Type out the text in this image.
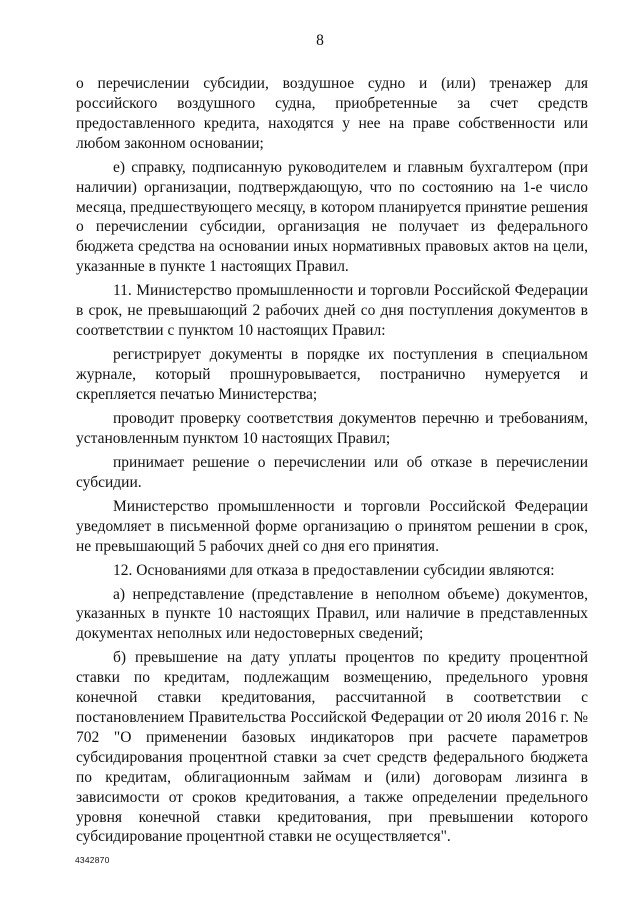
8

о перечислении субсидии, воздушное судно и (или) тренажер для российского воздушного судна, приобретенные за счет средств предоставленного кредита, находятся у нее на праве собственности или любом законном основании;

е) справку, подписанную руководителем и главным бухгалтером (при наличии) организации, подтверждающую, что по состоянию на 1-е число месяца, предшествующего месяцу, в котором планируется принятие решения о перечислении субсидии, организация не получает из федерального бюджета средства на основании иных нормативных правовых актов на цели, указанные в пункте 1 настоящих Правил.

11. Министерство промышленности и торговли Российской Федерации в срок, не превышающий 2 рабочих дней со дня поступления документов в соответствии с пунктом 10 настоящих Правил:

регистрирует документы в порядке их поступления в специальном журнале, который прошнуровывается, постранично нумеруется и скрепляется печатью Министерства;

проводит проверку соответствия документов перечню и требованиям, установленным пунктом 10 настоящих Правил;

принимает решение о перечислении или об отказе в перечислении субсидии.

Министерство промышленности и торговли Российской Федерации уведомляет в письменной форме организацию о принятом решении в срок, не превышающий 5 рабочих дней со дня его принятия.

12. Основаниями для отказа в предоставлении субсидии являются:

а) непредставление (представление в неполном объеме) документов, указанных в пункте 10 настоящих Правил, или наличие в представленных документах неполных или недостоверных сведений;

б) превышение на дату уплаты процентов по кредиту процентной ставки по кредитам, подлежащим возмещению, предельного уровня конечной ставки кредитования, рассчитанной в соответствии с постановлением Правительства Российской Федерации от 20 июля 2016 г. № 702 "О применении базовых индикаторов при расчете параметров субсидирования процентной ставки за счет средств федерального бюджета по кредитам, облигационным займам и (или) договорам лизинга в зависимости от сроков кредитования, а также определении предельного уровня конечной ставки кредитования, при превышении которого субсидирование процентной ставки не осуществляется".

4342870
